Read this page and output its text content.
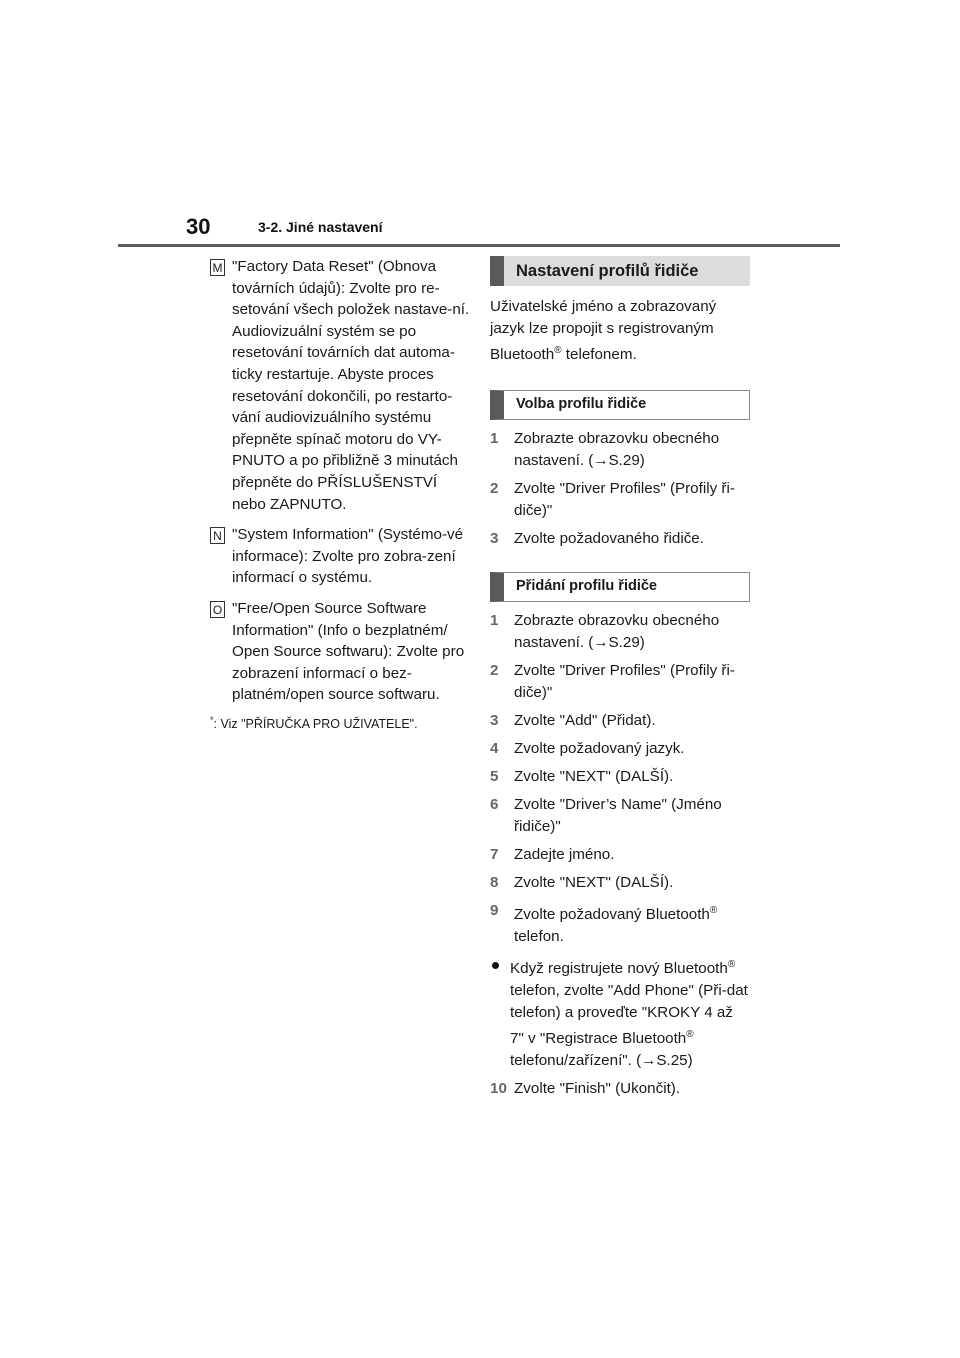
30	3-2. Jiné nastavení
M "Factory Data Reset" (Obnova továrních údajů): Zvolte pro re-setování všech položek nastave-ní. Audiovizuální systém se po resetování továrních dat automa-ticky restartuje. Abyste proces resetování dokončili, po restarto-vání audiovizuálního systému přepněte spínač motoru do VY-PNUTO a po přibližně 3 minutách přepněte do PŘÍSLUŠENSTVÍ nebo ZAPNUTO.
N "System Information" (Systémo-vé informace): Zvolte pro zobra-zení informací o systému.
O "Free/Open Source Software Information" (Info o bezplatném/ Open Source softwaru): Zvolte pro zobrazení informací o bez-platném/open source softwaru.
*: Viz "PŘÍRUČKA PRO UŽIVATELE".
Nastavení profilů řidiče
Uživatelské jméno a zobrazovaný jazyk lze propojit s registrovaným Bluetooth® telefonem.
Volba profilu řidiče
1 Zobrazte obrazovku obecného nastavení. (→S.29)
2 Zvolte "Driver Profiles" (Profily ři-diče)"
3 Zvolte požadovaného řidiče.
Přidání profilu řidiče
1 Zobrazte obrazovku obecného nastavení. (→S.29)
2 Zvolte "Driver Profiles" (Profily ři-diče)"
3 Zvolte "Add" (Přidat).
4 Zvolte požadovaný jazyk.
5 Zvolte "NEXT" (DALŠÍ).
6 Zvolte "Driver’s Name" (Jméno řidiče)"
7 Zadejte jméno.
8 Zvolte "NEXT" (DALŠÍ).
9 Zvolte požadovaný Bluetooth® telefon.
Když registrujete nový Bluetooth® telefon, zvolte "Add Phone" (Při-dat telefon) a proveďte "KROKY 4 až 7" v "Registrace Bluetooth® telefonu/zařízení". (→S.25)
10 Zvolte "Finish" (Ukončit).
